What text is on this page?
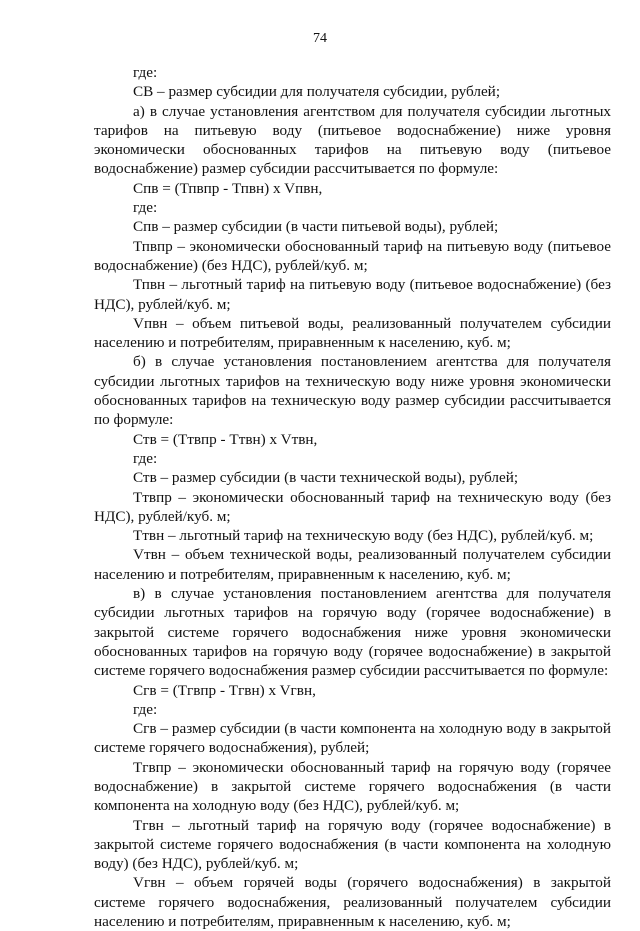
74

где:

СВ – размер субсидии для получателя субсидии, рублей;

а) в случае установления агентством для получателя субсидии льготных тарифов на питьевую воду (питьевое водоснабжение) ниже уровня экономически обоснованных тарифов на питьевую воду (питьевое водоснабжение) размер субсидии рассчитывается по формуле:

Спв = (Тпвпр - Тпвн) x Vпвн,

где:

Спв – размер субсидии (в части питьевой воды), рублей;

Тпвпр – экономически обоснованный тариф на питьевую воду (питьевое водоснабжение) (без НДС), рублей/куб. м;

Тпвн – льготный тариф на питьевую воду (питьевое водоснабжение) (без НДС), рублей/куб. м;

Vпвн – объем питьевой воды, реализованный получателем субсидии населению и потребителям, приравненным к населению, куб. м;

б) в случае установления постановлением агентства для получателя субсидии льготных тарифов на техническую воду ниже уровня экономически обоснованных тарифов на техническую воду размер субсидии рассчитывается по формуле:

Ств = (Ттвпр - Ттвн) x Vтвн,

где:

Ств – размер субсидии (в части технической воды), рублей;

Ттвпр – экономически обоснованный тариф на техническую воду (без НДС), рублей/куб. м;

Ттвн – льготный тариф на техническую воду (без НДС), рублей/куб. м;

Vтвн – объем технической воды, реализованный получателем субсидии населению и потребителям, приравненным к населению, куб. м;

в) в случае установления постановлением агентства для получателя субсидии льготных тарифов на горячую воду (горячее водоснабжение) в закрытой системе горячего водоснабжения ниже уровня экономически обоснованных тарифов на горячую воду (горячее водоснабжение) в закрытой системе горячего водоснабжения размер субсидии рассчитывается по формуле:

Сгв = (Тгвпр - Тгвн) x Vгвн,

где:

Сгв – размер субсидии (в части компонента на холодную воду в закрытой системе горячего водоснабжения), рублей;

Тгвпр – экономически обоснованный тариф на горячую воду (горячее водоснабжение) в закрытой системе горячего водоснабжения (в части компонента на холодную воду (без НДС), рублей/куб. м;

Тгвн – льготный тариф на горячую воду (горячее водоснабжение) в закрытой системе горячего водоснабжения (в части компонента на холодную воду) (без НДС), рублей/куб. м;

Vгвн – объем горячей воды (горячего водоснабжения) в закрытой системе горячего водоснабжения, реализованный получателем субсидии населению и потребителям, приравненным к населению, куб. м;
